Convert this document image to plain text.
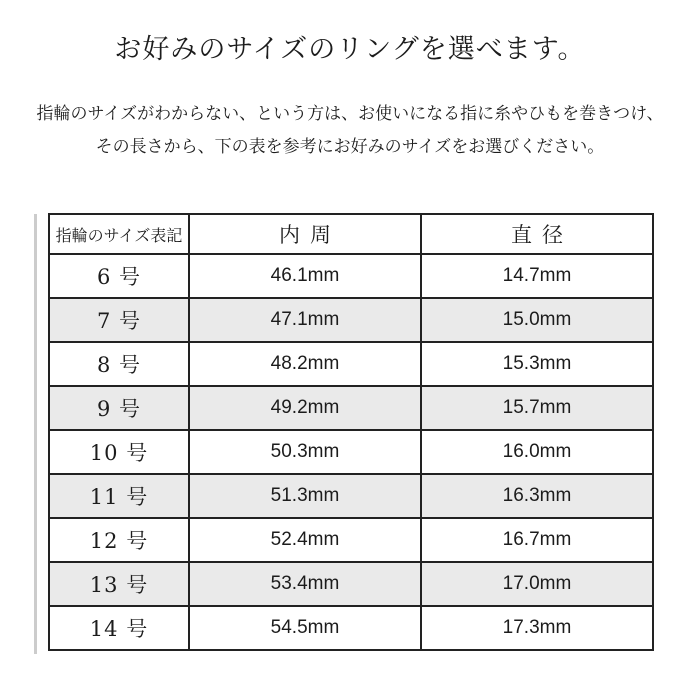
お好みのサイズのリングを選べます。
指輪のサイズがわからない、という方は、お使いになる指に糸やひもを巻きつけ、
その長さから、下の表を参考にお好みのサイズをお選びください。
指輪のサイズ表記	内周	直径
6 号	46.1mm	14.7mm
7 号	47.1mm	15.0mm
8 号	48.2mm	15.3mm
9 号	49.2mm	15.7mm
10 号	50.3mm	16.0mm
11 号	51.3mm	16.3mm
12 号	52.4mm	16.7mm
13 号	53.4mm	17.0mm
14 号	54.5mm	17.3mm
